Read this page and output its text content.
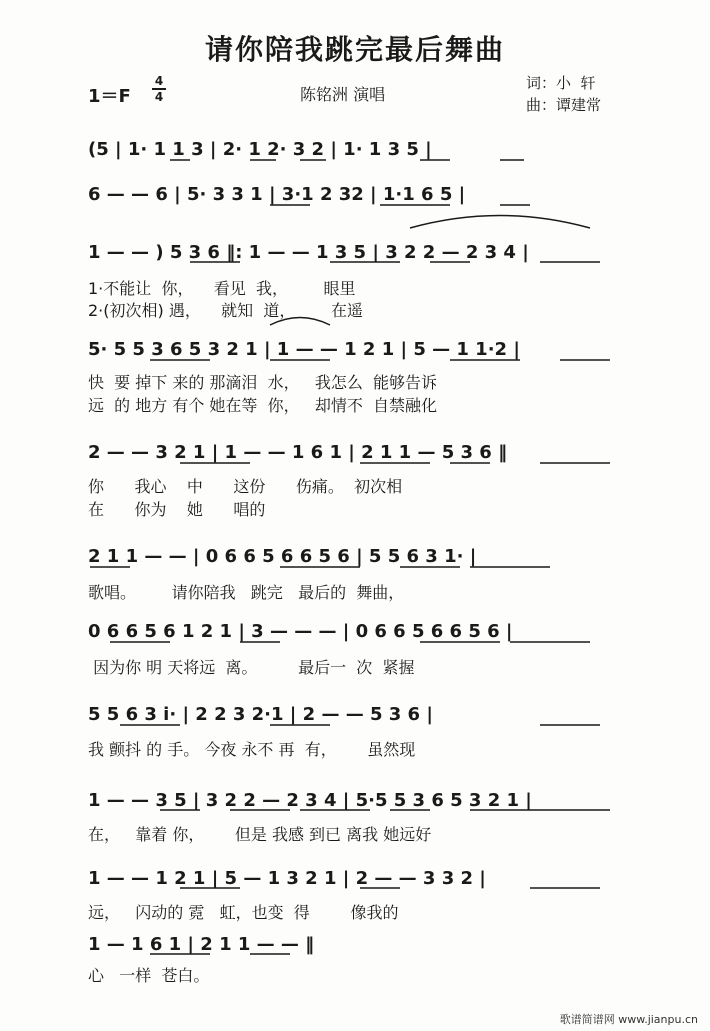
请你陪我跳完最后舞曲
1＝F
4
4	陈铭洲 演唱
词：小  轩
曲：谭建常
(5 | 1· 1 1 3 | 2· 1 2· 3 2 | 1· 1 3 5 |
6 — — 6 | 5· 3 3 1 | 3·1 2 32 | 1·1 6 5 |
1 — — ) 5 3 6 ‖: 1 — — 1 3 5 | 3 2 2 — 2 3 4 |
5· 5 5 3 6 5 3 2 1 | 1 — — 1 2 1 | 5 — 1 1·2 |
2 — — 3 2 1 | 1 — — 1 6 1 | 2 1 1 — 5 3 6 ‖
2 1 1 — — | 0 6 6 5 6 6 5 6 | 5 5 6 3 1· |
0 6 6 5 6 1 2 1 | 3 — — — | 0 6 6 5 6 6 5 6 |
5 5 6 3 i· | 2 2 3 2·1 | 2 — — 5 3 6 |
1 — — 3 5 | 3 2 2 — 2 3 4 | 5·5 5 3 6 5 3 2 1 |
1 — — 1 2 1 | 5 — 1 3 2 1 | 2 — — 3 3 2 |
1 — 1 6 1 | 2 1 1 — — ‖
1·不能让  你，    看见  我，       眼里
2·(初次相) 遇，    就知  道，       在遥
快  要 掉下 来的 那滴泪  水，   我怎么  能够告诉
远  的 地方 有个 她在等  你，   却情不  自禁融化
你      我心    中      这份      伤痛。  初次相
在      你为    她      唱的
歌唱。       请你陪我   跳完   最后的  舞曲，
因为你 明 天将远  离。        最后一  次  紧握
我 颤抖 的 手。 今夜 永不 再  有，      虽然现
在，   靠着 你，      但是 我感 到已 离我 她远好
远，   闪动的 霓   虹，也变  得        像我的
心   一样  苍白。
歌谱简谱网 www.jianpu.cn
